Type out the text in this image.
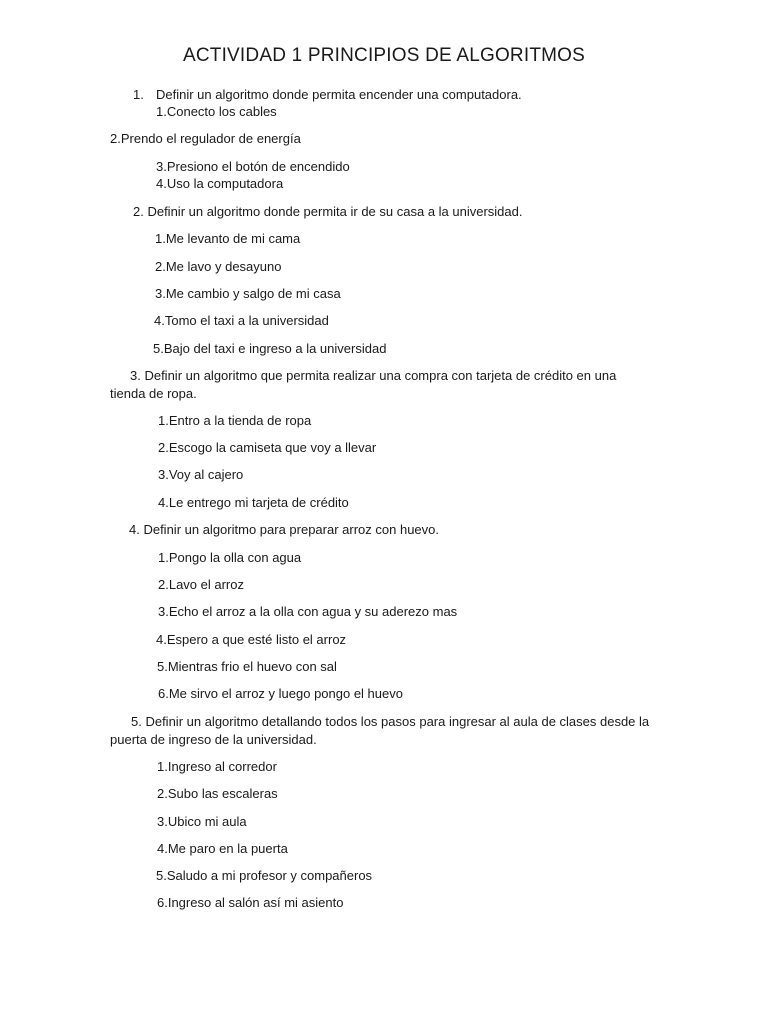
ACTIVIDAD 1 PRINCIPIOS DE ALGORITMOS
1. Definir un algoritmo donde permita encender una computadora.
1.Conecto los cables
2.Prendo el regulador de energía
3.Presiono el botón de encendido
4.Uso la computadora
2. Definir un algoritmo donde permita ir de su casa a la universidad.
1.Me levanto de mi cama
2.Me lavo y desayuno
3.Me cambio y salgo de mi casa
4.Tomo el taxi a la universidad
5.Bajo del taxi e ingreso a la universidad
3. Definir un algoritmo que permita realizar una compra con tarjeta de crédito en una
tienda de ropa.
1.Entro a la tienda de ropa
2.Escogo la camiseta que voy a llevar
3.Voy al cajero
4.Le entrego mi tarjeta de crédito
4. Definir un algoritmo para preparar arroz con huevo.
1.Pongo la olla con agua
2.Lavo el arroz
3.Echo el arroz a la olla con agua y su aderezo mas
4.Espero a que esté listo el arroz
5.Mientras frio el huevo con sal
6.Me sirvo el arroz y luego pongo el huevo
5. Definir un algoritmo detallando todos los pasos para ingresar al aula de clases desde la
puerta de ingreso de la universidad.
1.Ingreso al corredor
2.Subo las escaleras
3.Ubico mi aula
4.Me paro en la puerta
5.Saludo a mi profesor y compañeros
6.Ingreso al salón así mi asiento
